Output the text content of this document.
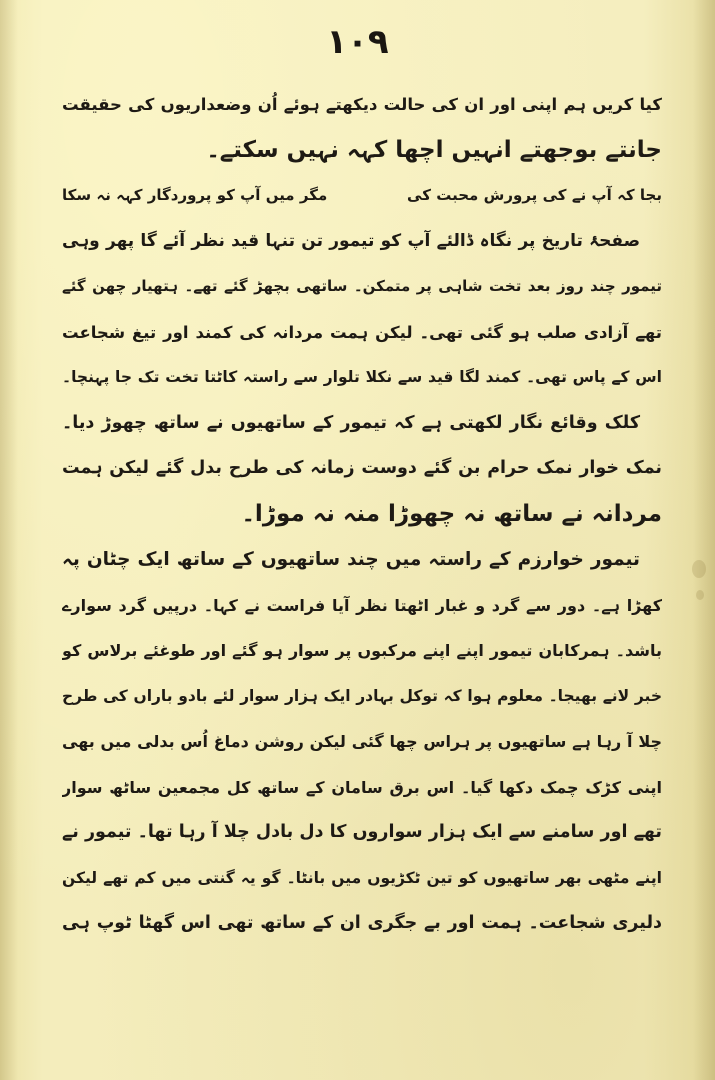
۱۰۹
کیا کریں ہم اپنی اور ان کی حالت دیکھتے ہوئے اُن وضعداریوں کی حقیقت
جانتے بوجھتے انہیں اچھا کہہ نہیں سکتے۔
بجا کہ آپ نے کی پرورش محبت کی               مگر میں آپ کو پروردگار کہہ نہ سکا
صفحۂ تاریخ پر نگاہ ڈالئے آپ کو تیمور تن تنہا قید نظر آئے گا پھر وہی
تیمور چند روز بعد تخت شاہی پر متمکن۔ ساتھی بچھڑ گئے تھے۔ ہتھیار چھن گئے
تھے آزادی صلب ہو گئی تھی۔ لیکن ہمت مردانہ کی کمند اور تیغ شجاعت
اس کے پاس تھی۔ کمند لگا قید سے نکلا تلوار سے راستہ کاٹتا تخت تک جا پہنچا۔
کلک وقائع نگار لکھتی ہے کہ تیمور کے ساتھیوں نے ساتھ چھوڑ دیا۔
نمک خوار نمک حرام بن گئے دوست زمانہ کی طرح بدل گئے لیکن ہمت
مردانہ نے ساتھ نہ چھوڑا منہ نہ موڑا۔
تیمور خوارزم کے راستہ میں چند ساتھیوں کے ساتھ ایک چٹان پہ
کھڑا ہے۔ دور سے گرد و غبار اٹھتا نظر آیا فراست نے کہا۔ درپیں گرد سوارے
باشد۔ ہمرکابان تیمور اپنے اپنے مرکبوں پر سوار ہو گئے اور طوغئے برلاس کو
خبر لانے بھیجا۔ معلوم ہوا کہ توکل بہادر ایک ہزار سوار لئے بادو باراں کی طرح
چلا آ رہا ہے ساتھیوں پر ہراس چھا گئی لیکن روشن دماغ اُس بدلی میں بھی
اپنی کڑک چمک دکھا گیا۔ اس برق سامان کے ساتھ کل مجمعین ساٹھ سوار
تھے اور سامنے سے ایک ہزار سواروں کا دل بادل چلا آ رہا تھا۔ تیمور نے
اپنے مٹھی بھر ساتھیوں کو تین ٹکڑیوں میں بانٹا۔ گو یہ گنتی میں کم تھے لیکن
دلیری شجاعت۔ ہمت اور بے جگری ان کے ساتھ تھی اس گھٹا ٹوپ ہی
